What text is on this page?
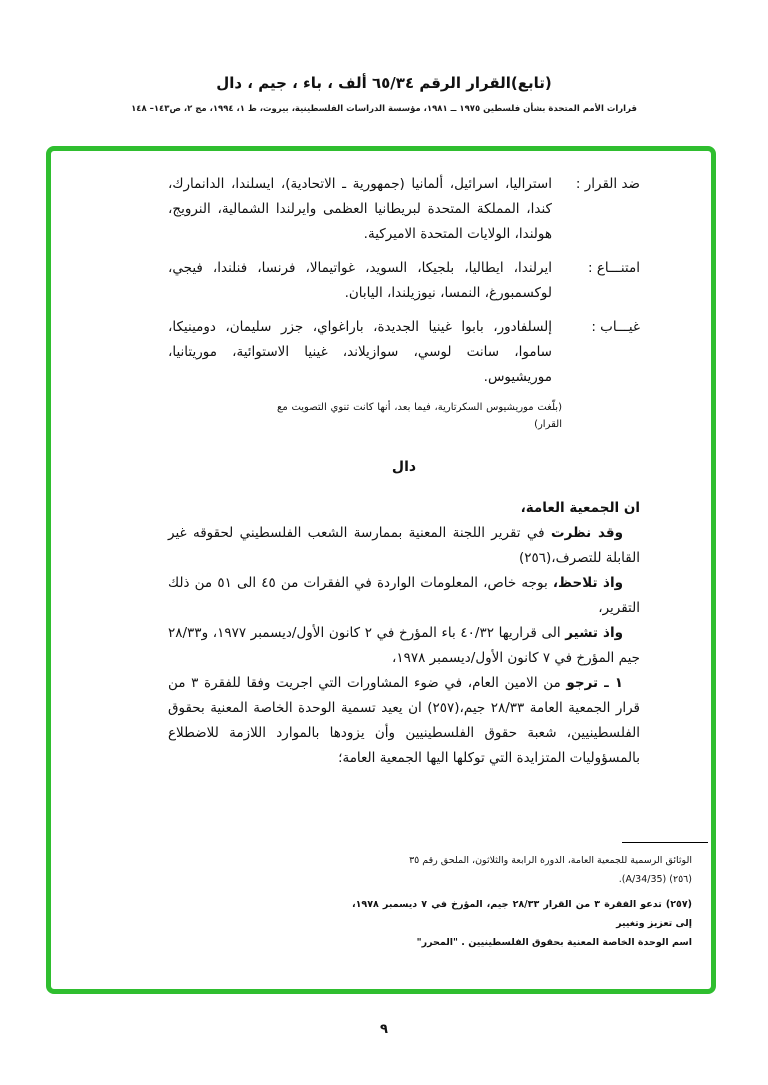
(تابع)القرار الرقم ٦٥/٣٤ ألف ، باء ، جيم ، دال
قرارات الأمم المتحدة بشأن فلسطين ١٩٧٥ ــ ١٩٨١، مؤسسة الدراسات الفلسطينية، بيروت، ط ١، ١٩٩٤، مج ٢، ص١٤٣– ١٤٨
ضد القرار :
استراليا، اسرائيل، ألمانيا (جمهورية ـ الاتحادية)، ايسلندا، الدانمارك، كندا، المملكة المتحدة لبريطانيا العظمى وايرلندا الشمالية، النرويج، هولندا، الولايات المتحدة الاميركية.
امتنـــاع :
ايرلندا، ايطاليا، بلجيكا، السويد، غواتيمالا، فرنسا، فنلندا، فيجي، لوكسمبورغ، النمسا، نيوزيلندا، اليابان.
غيـــاب :
إلسلفادور، بابوا غينيا الجديدة، باراغواي، جزر سليمان، دومينيكا، ساموا، سانت لوسي، سوازيلاند، غينيا الاستوائية، موريتانيا، موريشيوس.
(بلّغت موريشيوس السكرتارية، فيما بعد، أنها كانت تنوي التصويت مع القرار)
دال

ان الجمعية العامة،

وقد نظرت في تقرير اللجنة المعنية بممارسة الشعب الفلسطيني لحقوقه غير القابلة للتصرف،(٢٥٦)

واذ تلاحظ، بوجه خاص، المعلومات الواردة في الفقرات من ٤٥ الى ٥١ من ذلك التقرير،

واذ تشير الى قراريها ٤٠/٣٢ باء المؤرخ في ٢ كانون الأول/ديسمبر ١٩٧٧، و٢٨/٣٣ جيم المؤرخ في ٧ كانون الأول/ديسمبر ١٩٧٨،

١ ـ ترجو من الامين العام، في ضوء المشاورات التي اجريت وفقا للفقرة ٣ من قرار الجمعية العامة ٢٨/٣٣ جيم،(٢٥٧) ان يعيد تسمية الوحدة الخاصة المعنية بحقوق الفلسطينيين، شعبة حقوق الفلسطينيين وأن يزودها بالموارد اللازمة للاضطلاع بالمسؤوليات المتزايدة التي توكلها اليها الجمعية العامة؛

الوثائق الرسمية للجمعية العامة، الدورة الرابعة والثلاثون، الملحق رقم ٣٥
(٢٥٦) (A/34/35).
(٢٥٧) تدعو الفقرة ٣ من القرار ٢٨/٣٣ جيم، المؤرخ في ٧ ديسمبر ١٩٧٨، إلى تعزيز وتغيير
اسم الوحدة الخاصة المعنية بحقوق الفلسطينيين . "المحرر"
٩
